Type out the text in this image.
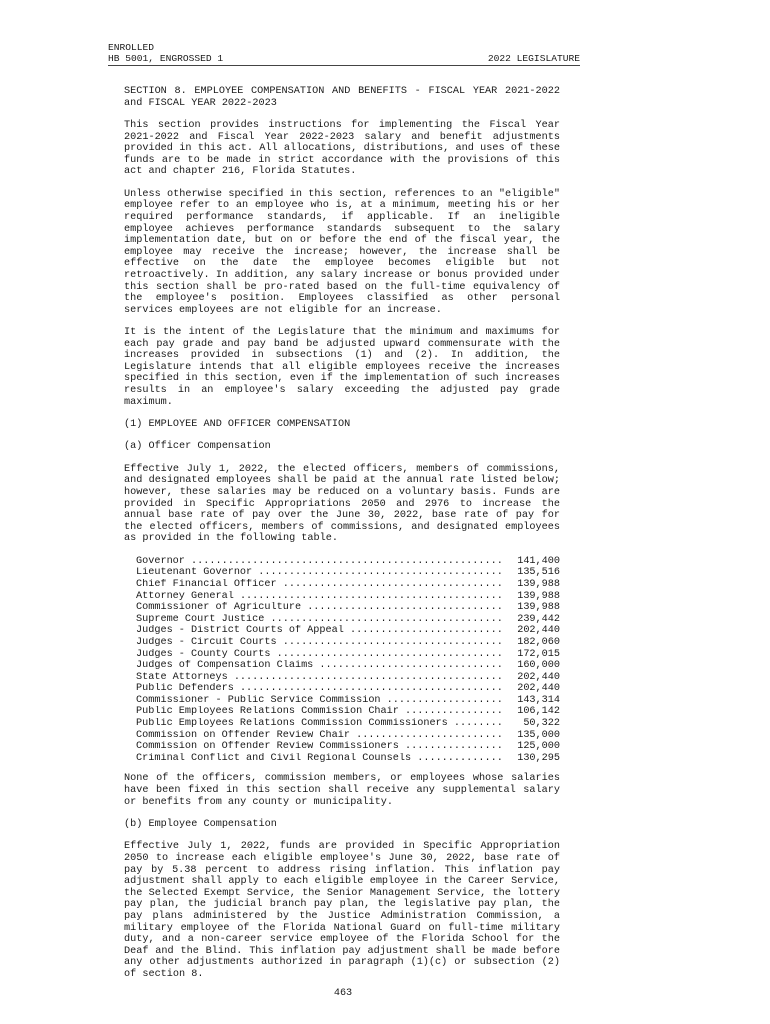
ENROLLED
HB 5001, ENGROSSED 1	2022 LEGISLATURE

SECTION 8. EMPLOYEE COMPENSATION AND BENEFITS - FISCAL YEAR 2021-2022 and FISCAL YEAR 2022-2023

This section provides instructions for implementing the Fiscal Year 2021-2022 and Fiscal Year 2022-2023 salary and benefit adjustments provided in this act. All allocations, distributions, and uses of these funds are to be made in strict accordance with the provisions of this act and chapter 216, Florida Statutes.

Unless otherwise specified in this section, references to an "eligible" employee refer to an employee who is, at a minimum, meeting his or her required performance standards, if applicable. If an ineligible employee achieves performance standards subsequent to the salary implementation date, but on or before the end of the fiscal year, the employee may receive the increase; however, the increase shall be effective on the date the employee becomes eligible but not retroactively. In addition, any salary increase or bonus provided under this section shall be pro-rated based on the full-time equivalency of the employee's position. Employees classified as other personal services employees are not eligible for an increase.

It is the intent of the Legislature that the minimum and maximums for each pay grade and pay band be adjusted upward commensurate with the increases provided in subsections (1) and (2). In addition, the Legislature intends that all eligible employees receive the increases specified in this section, even if the implementation of such increases results in an employee's salary exceeding the adjusted pay grade maximum.

(1) EMPLOYEE AND OFFICER COMPENSATION

(a) Officer Compensation

Effective July 1, 2022, the elected officers, members of commissions, and designated employees shall be paid at the annual rate listed below; however, these salaries may be reduced on a voluntary basis. Funds are provided in Specific Appropriations 2050 and 2976 to increase the annual base rate of pay over the June 30, 2022, base rate of pay for the elected officers, members of commissions, and designated employees as provided in the following table.

Governor .....	141,400
Lieutenant Governor .....	135,516
Chief Financial Officer .....	139,988
Attorney General .....	139,988
Commissioner of Agriculture .....	139,988
Supreme Court Justice .....	239,442
Judges - District Courts of Appeal .....	202,440
Judges - Circuit Courts .....	182,060
Judges - County Courts .....	172,015
Judges of Compensation Claims .....	160,000
State Attorneys .....	202,440
Public Defenders .....	202,440
Commissioner - Public Service Commission .....	143,314
Public Employees Relations Commission Chair .....	106,142
Public Employees Relations Commission Commissioners .....	50,322
Commission on Offender Review Chair .....	135,000
Commission on Offender Review Commissioners .....	125,000
Criminal Conflict and Civil Regional Counsels .....	130,295

None of the officers, commission members, or employees whose salaries have been fixed in this section shall receive any supplemental salary or benefits from any county or municipality.

(b) Employee Compensation

Effective July 1, 2022, funds are provided in Specific Appropriation 2050 to increase each eligible employee's June 30, 2022, base rate of pay by 5.38 percent to address rising inflation. This inflation pay adjustment shall apply to each eligible employee in the Career Service, the Selected Exempt Service, the Senior Management Service, the lottery pay plan, the judicial branch pay plan, the legislative pay plan, the pay plans administered by the Justice Administration Commission, a military employee of the Florida National Guard on full-time military duty, and a non-career service employee of the Florida School for the Deaf and the Blind. This inflation pay adjustment shall be made before any other adjustments authorized in paragraph (1)(c) or subsection (2) of section 8.

463
